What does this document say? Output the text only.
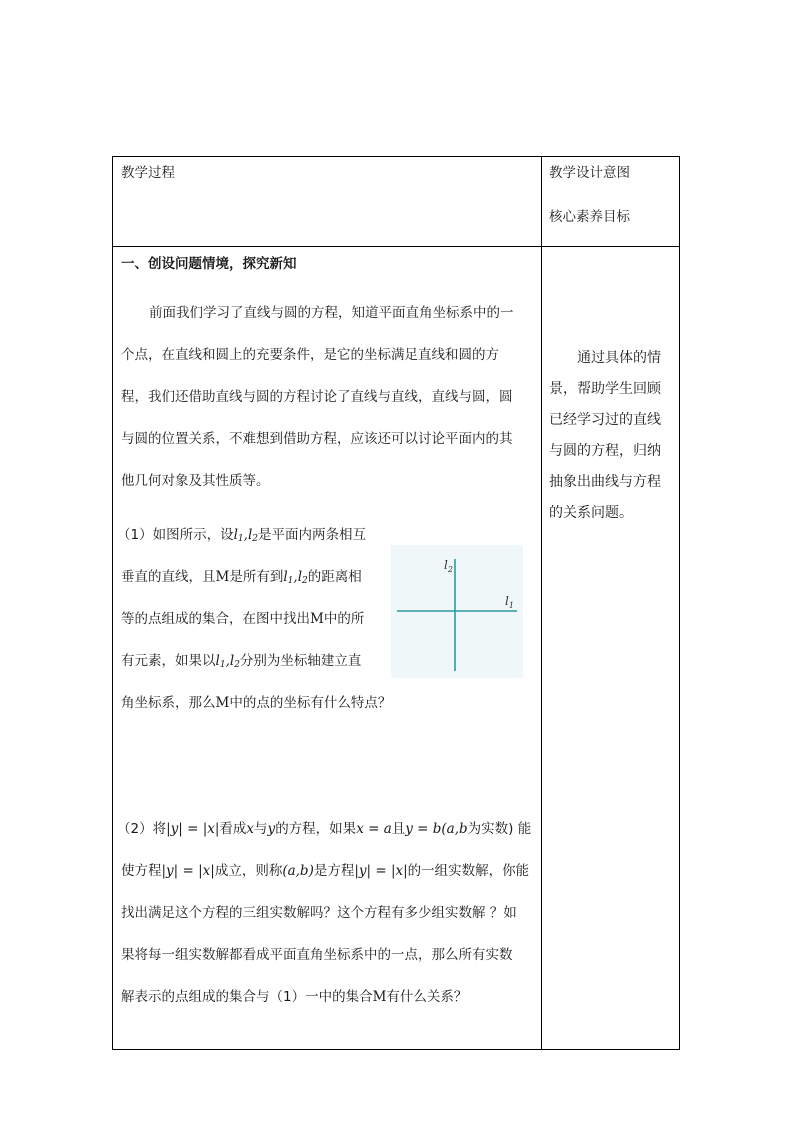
教学过程	教学设计意图
核心素养目标
一、创设问题情境，探究新知
前面我们学习了直线与圆的方程，知道平面直角坐标系中的一
个点，在直线和圆上的充要条件，是它的坐标满足直线和圆的方
程，我们还借助直线与圆的方程讨论了直线与直线，直线与圆，圆
与圆的位置关系，不难想到借助方程，应该还可以讨论平面内的其
他几何对象及其性质等。
（1）如图所示，设$l_1,l_2$是平面内两条相互
垂直的直线，且M是所有到$l_1,l_2$的距离相
等的点组成的集合，在图中找出M中的所
有元素，如果以$l_1,l_2$分别为坐标轴建立直
角坐标系，那么M中的点的坐标有什么特点？
$l_2$
$l_1$
（2）将|y| = |x|看成x与y的方程，如果x = a且y = b(a,b为实数) 能
使方程|y| = |x|成立，则称(a,b)是方程|y| = |x|的一组实数解，你能
找出满足这个方程的三组实数解吗？这个方程有多少组实数解 ？如
果将每一组实数解都看成平面直角坐标系中的一点，那么所有实数
解表示的点组成的集合与（1）一中的集合M有什么关系？
通过具体的情景，帮助学生回顾已经学习过的直线与圆的方程，归纳抽象出曲线与方程的关系问题。
